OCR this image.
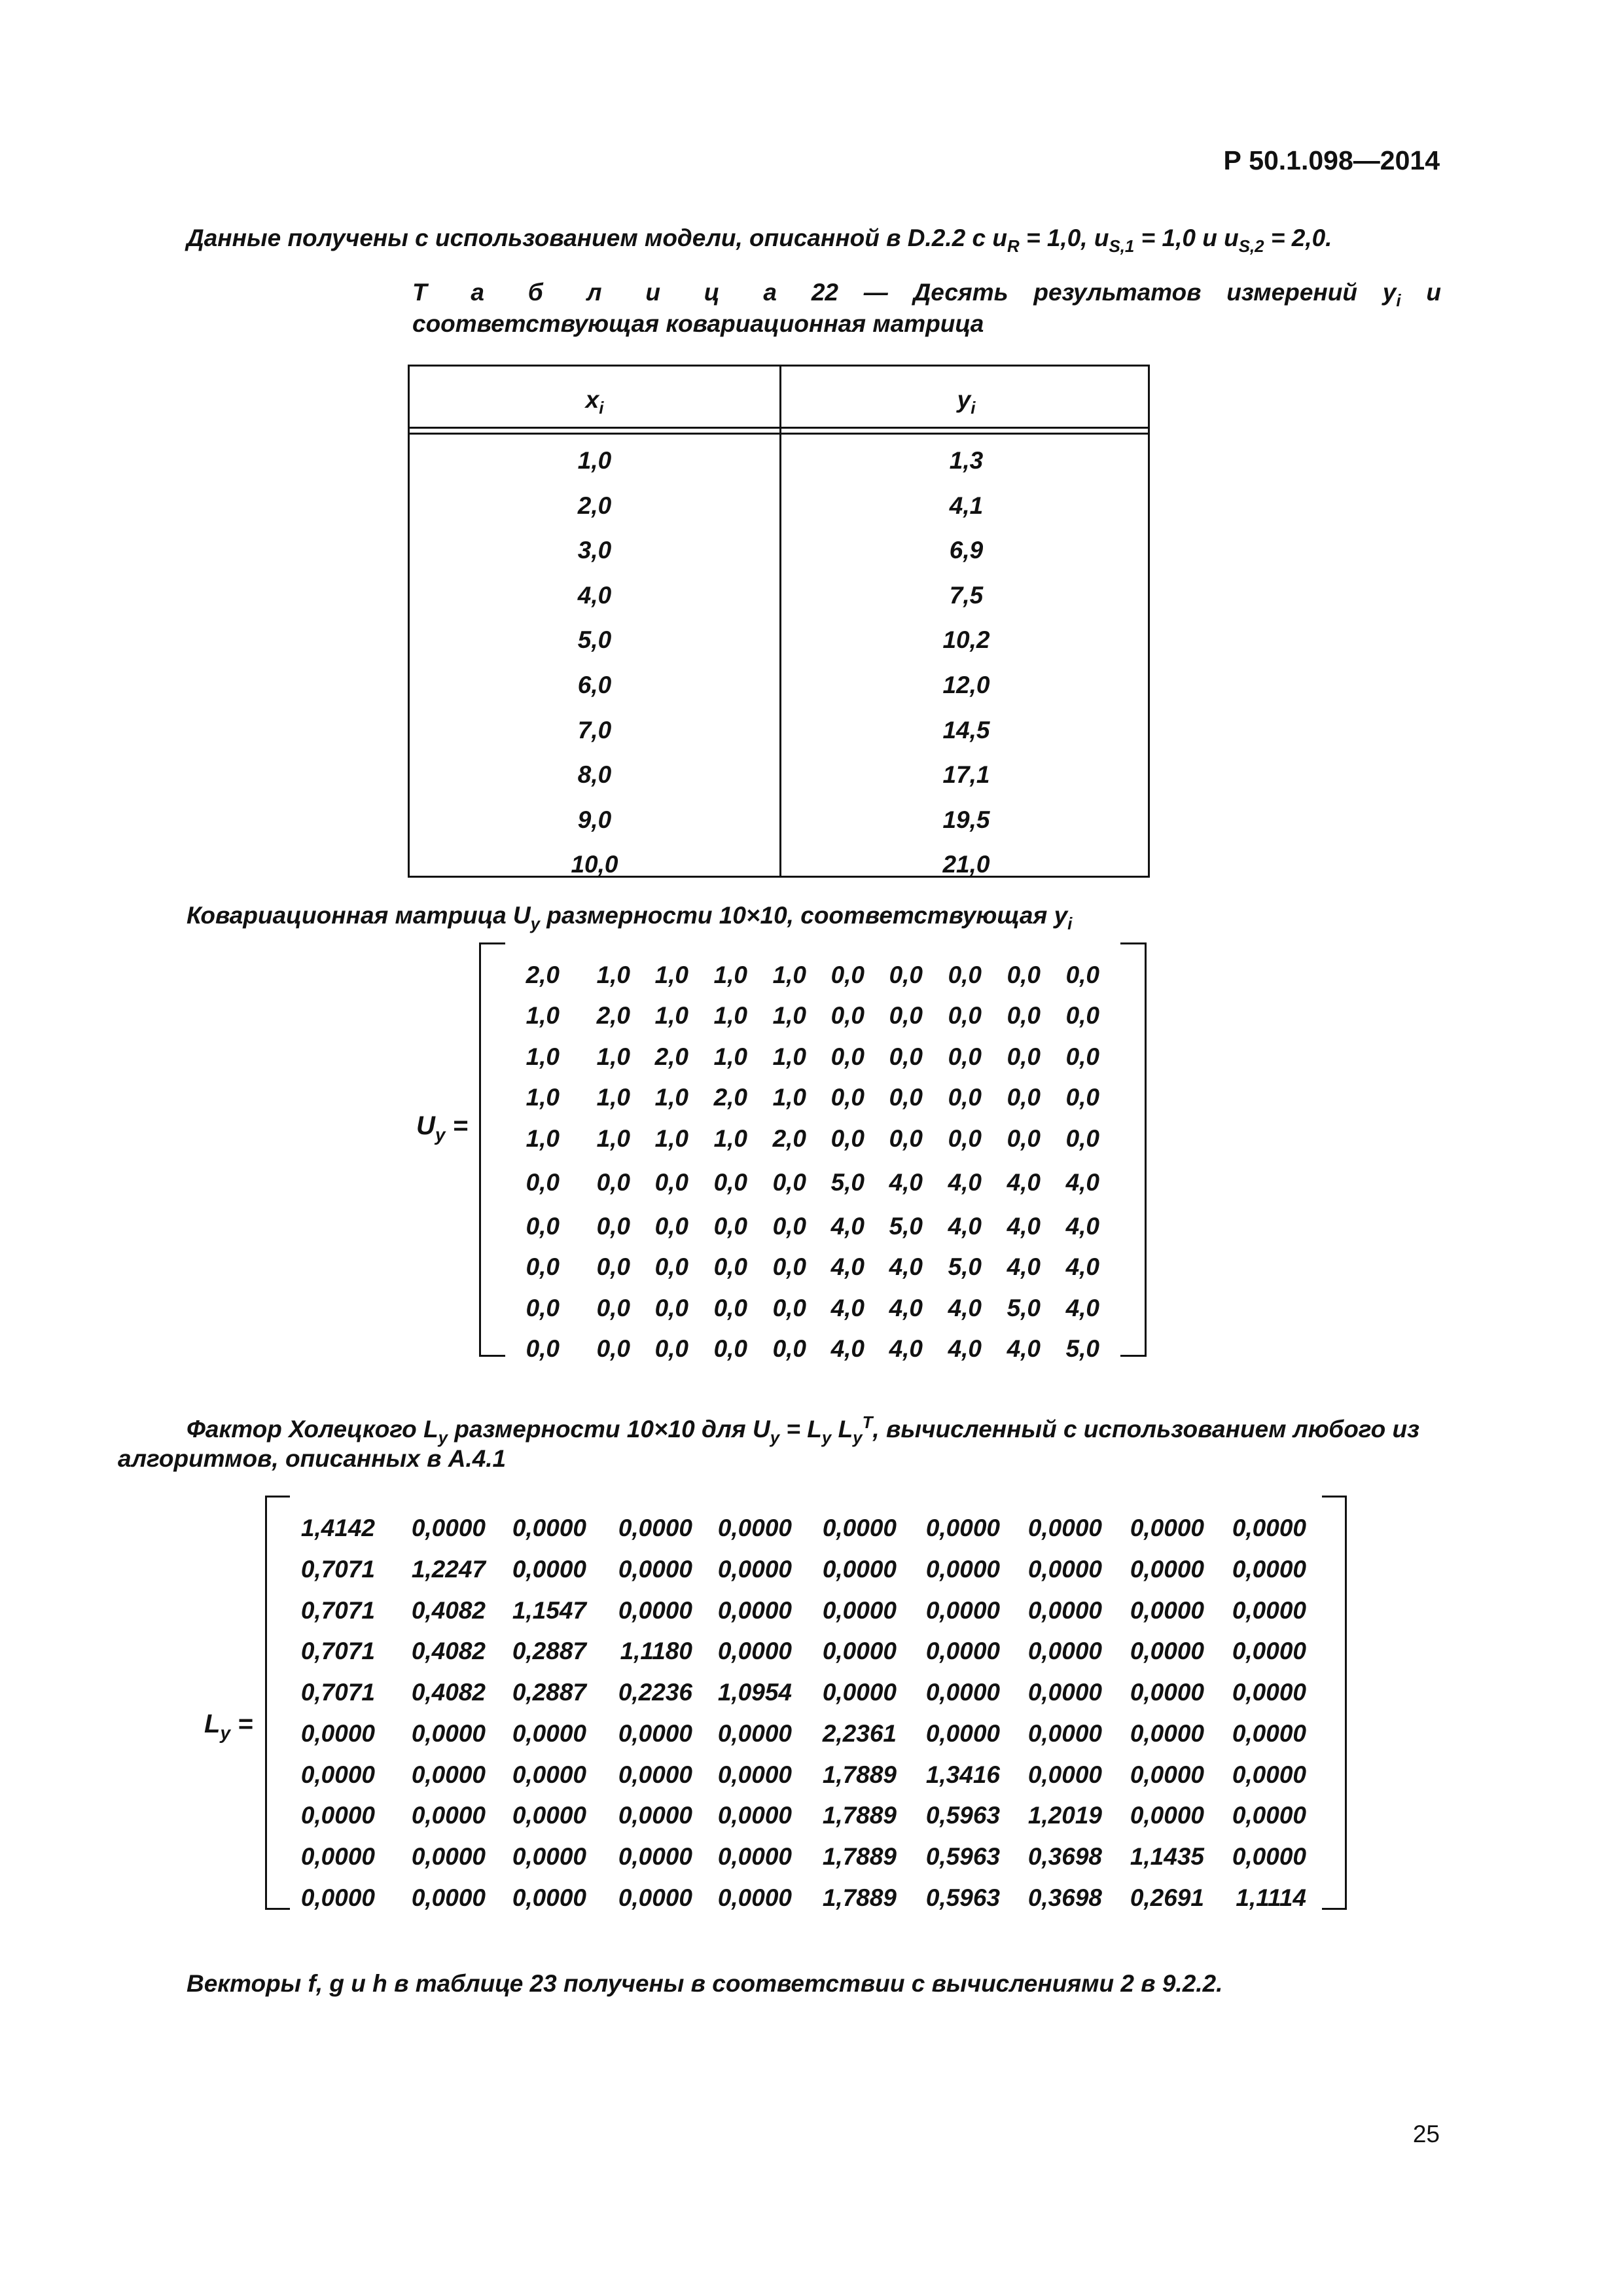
Р 50.1.098—2014
Данные получены с использованием модели, описанной в D.2.2 с $u_R = 1,0$, $u_{S,1} = 1,0$ и $u_{S,2} = 2,0$.
Т а б л и ц а 22 — Десять результатов измерений $y_i$ и соответствующая ковариационная матрица
$x_i$	$y_i$
1,0	1,3
2,0	4,1
3,0	6,9
4,0	7,5
5,0	10,2
6,0	12,0
7,0	14,5
8,0	17,1
9,0	19,5
10,0	21,0
Ковариационная матрица $U_y$ размерности 10×10, соответствующая $y_i$
$U_y$ =
2,0	1,0	1,0	1,0	1,0	0,0	0,0	0,0	0,0	0,0
1,0	2,0	1,0	1,0	1,0	0,0	0,0	0,0	0,0	0,0
1,0	1,0	2,0	1,0	1,0	0,0	0,0	0,0	0,0	0,0
1,0	1,0	1,0	2,0	1,0	0,0	0,0	0,0	0,0	0,0
1,0	1,0	1,0	1,0	2,0	0,0	0,0	0,0	0,0	0,0
0,0	0,0	0,0	0,0	0,0	5,0	4,0	4,0	4,0	4,0
0,0	0,0	0,0	0,0	0,0	4,0	5,0	4,0	4,0	4,0
0,0	0,0	0,0	0,0	0,0	4,0	4,0	5,0	4,0	4,0
0,0	0,0	0,0	0,0	0,0	4,0	4,0	4,0	5,0	4,0
0,0	0,0	0,0	0,0	0,0	4,0	4,0	4,0	4,0	5,0
Фактор Холецкого $L_y$ размерности 10×10 для $U_y = L_y$ $L_y^T$, вычисленный с использованием любого из
алгоритмов, описанных в А.4.1
$L_y$ =
1,4142	0,0000	0,0000	0,0000	0,0000	0,0000	0,0000	0,0000	0,0000	0,0000
0,7071	1,2247	0,0000	0,0000	0,0000	0,0000	0,0000	0,0000	0,0000	0,0000
0,7071	0,4082	1,1547	0,0000	0,0000	0,0000	0,0000	0,0000	0,0000	0,0000
0,7071	0,4082	0,2887	1,1180	0,0000	0,0000	0,0000	0,0000	0,0000	0,0000
0,7071	0,4082	0,2887	0,2236	1,0954	0,0000	0,0000	0,0000	0,0000	0,0000
0,0000	0,0000	0,0000	0,0000	0,0000	2,2361	0,0000	0,0000	0,0000	0,0000
0,0000	0,0000	0,0000	0,0000	0,0000	1,7889	1,3416	0,0000	0,0000	0,0000
0,0000	0,0000	0,0000	0,0000	0,0000	1,7889	0,5963	1,2019	0,0000	0,0000
0,0000	0,0000	0,0000	0,0000	0,0000	1,7889	0,5963	0,3698	1,1435	0,0000
0,0000	0,0000	0,0000	0,0000	0,0000	1,7889	0,5963	0,3698	0,2691	1,1114
Векторы f, g и h в таблице 23 получены в соответствии с вычислениями 2 в 9.2.2.
25
